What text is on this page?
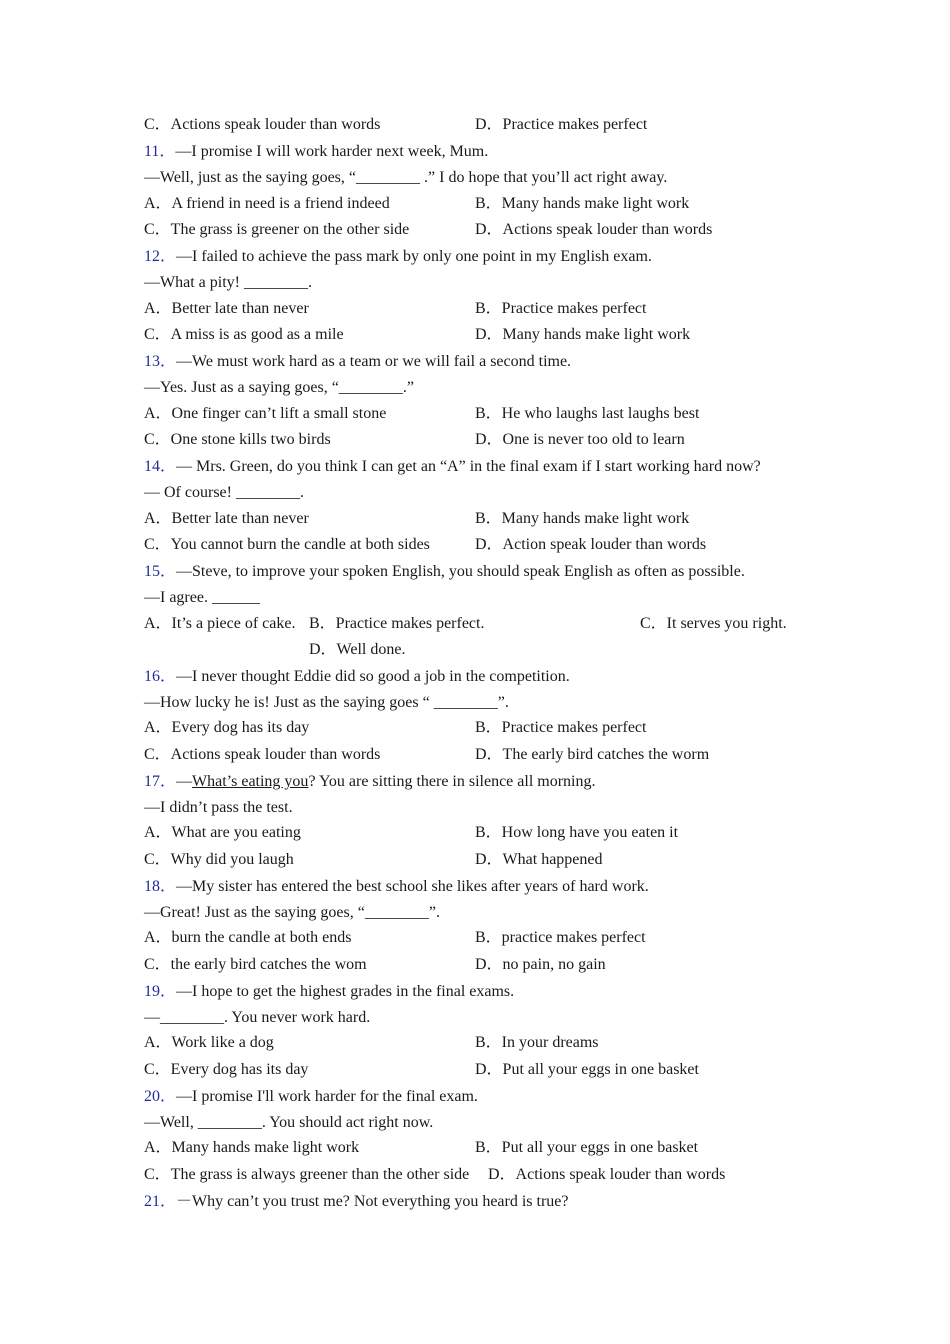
C．Actions speak louder than words	D．Practice makes perfect
11．—I promise I will work harder next week, Mum.
—Well, just as the saying goes, “________ .” I do hope that you’ll act right away.
A．A friend in need is a friend indeed	B．Many hands make light work
C．The grass is greener on the other side	D．Actions speak louder than words
12．—I failed to achieve the pass mark by only one point in my English exam.
—What a pity! ________.
A．Better late than never	B．Practice makes perfect
C．A miss is as good as a mile	D．Many hands make light work
13．—We must work hard as a team or we will fail a second time.
—Yes. Just as a saying goes, “________.”
A．One finger can’t lift a small stone	B．He who laughs last laughs best
C．One stone kills two birds	D．One is never too old to learn
14．— Mrs. Green, do you think I can get an “A” in the final exam if I start working hard now?
— Of course! ________.
A．Better late than never	B．Many hands make light work
C．You cannot burn the candle at both sides	D．Action speak louder than words
15．—Steve, to improve your spoken English, you should speak English as often as possible.
—I agree. ______
A．It’s a piece of cake. B．Practice makes perfect.	C．It serves you right.
D．Well done.
16．—I never thought Eddie did so good a job in the competition.
—How lucky he is! Just as the saying goes “ ________”.
A．Every dog has its day	B．Practice makes perfect
C．Actions speak louder than words	D．The early bird catches the worm
17．—What’s eating you? You are sitting there in silence all morning.
—I didn’t pass the test.
A．What are you eating	B．How long have you eaten it
C．Why did you laugh	D．What happened
18．—My sister has entered the best school she likes after years of hard work.
—Great! Just as the saying goes, “________”.
A．burn the candle at both ends	B．practice makes perfect
C．the early bird catches the wom	D．no pain, no gain
19．—I hope to get the highest grades in the final exams.
—________. You never work hard.
A．Work like a dog	B．In your dreams
C．Every dog has its day	D．Put all your eggs in one basket
20．—I promise I'll work harder for the final exam.
—Well, ________. You should act right now.
A．Many hands make light work	B．Put all your eggs in one basket
C．The grass is always greener than the other side D．Actions speak louder than words
21．－Why can’t you trust me? Not everything you heard is true?
